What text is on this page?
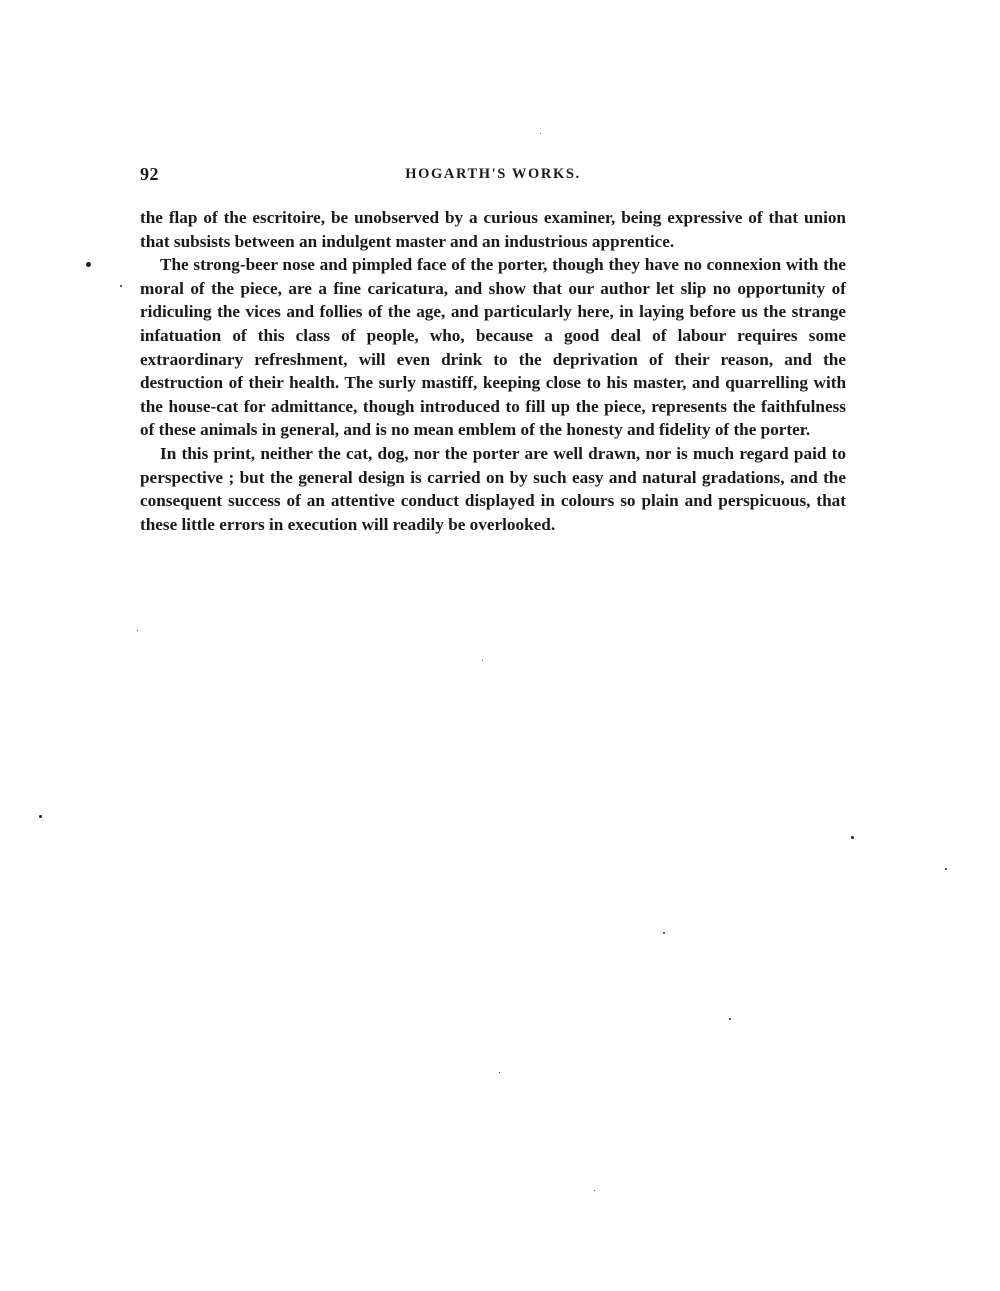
92	HOGARTH'S WORKS.

the flap of the escritoire, be unobserved by a curious examiner, being expressive of that union that subsists between an indulgent master and an industrious apprentice.

The strong-beer nose and pimpled face of the porter, though they have no connexion with the moral of the piece, are a fine caricatura, and show that our author let slip no opportunity of ridiculing the vices and follies of the age, and particularly here, in laying before us the strange infatuation of this class of people, who, because a good deal of labour requires some extraordinary refreshment, will even drink to the deprivation of their reason, and the destruction of their health. The surly mastiff, keeping close to his master, and quarrelling with the house-cat for admittance, though introduced to fill up the piece, represents the faithfulness of these animals in general, and is no mean emblem of the honesty and fidelity of the porter.

In this print, neither the cat, dog, nor the porter are well drawn, nor is much regard paid to perspective ; but the general design is carried on by such easy and natural gradations, and the consequent success of an attentive conduct displayed in colours so plain and perspicuous, that these little errors in execution will readily be overlooked.
